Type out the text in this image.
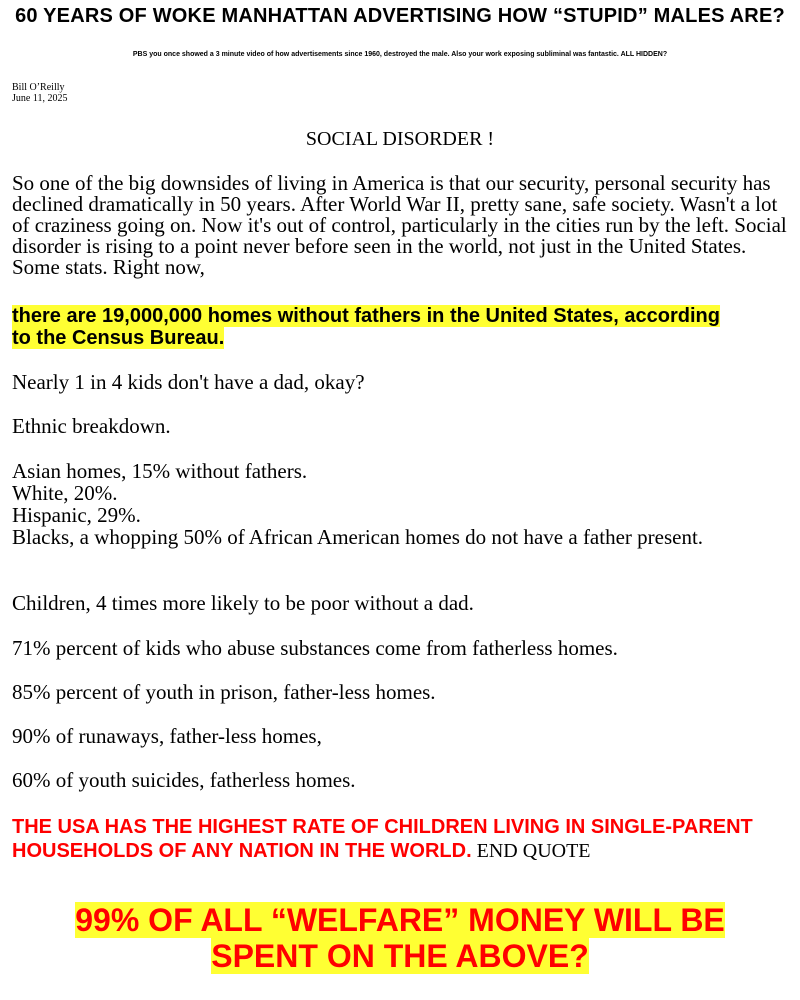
60 YEARS OF WOKE MANHATTAN ADVERTISING HOW “STUPID” MALES ARE?
PBS you once showed a 3 minute video of how advertisements since 1960, destroyed the male. Also your work exposing subliminal was fantastic. ALL HIDDEN?
Bill O’Reilly
June 11, 2025
SOCIAL DISORDER !
So one of the big downsides of living in America is that our security, personal security has declined dramatically in 50 years. After World War II, pretty sane, safe society. Wasn't a lot of craziness going on. Now it's out of control, particularly in the cities run by the left. Social disorder is rising to a point never before seen in the world, not just in the United States. Some stats. Right now,
there are 19,000,000 homes without fathers in the United States, according to the Census Bureau.
Nearly 1 in 4 kids don't have a dad, okay?
Ethnic breakdown.
Asian homes, 15% without fathers.
White, 20%.
Hispanic, 29%.
Blacks, a whopping 50% of African American homes do not have a father present.
Children, 4 times more likely to be poor without a dad.
71% percent of kids who abuse substances come from fatherless homes.
85% percent of youth in prison, father-less homes.
90% of runaways, father-less homes,
60% of youth suicides, fatherless homes.
THE USA HAS THE HIGHEST RATE OF CHILDREN LIVING IN SINGLE-PARENT HOUSEHOLDS OF ANY NATION IN THE WORLD. END QUOTE
99% OF ALL “WELFARE” MONEY WILL BE
SPENT ON THE ABOVE?
